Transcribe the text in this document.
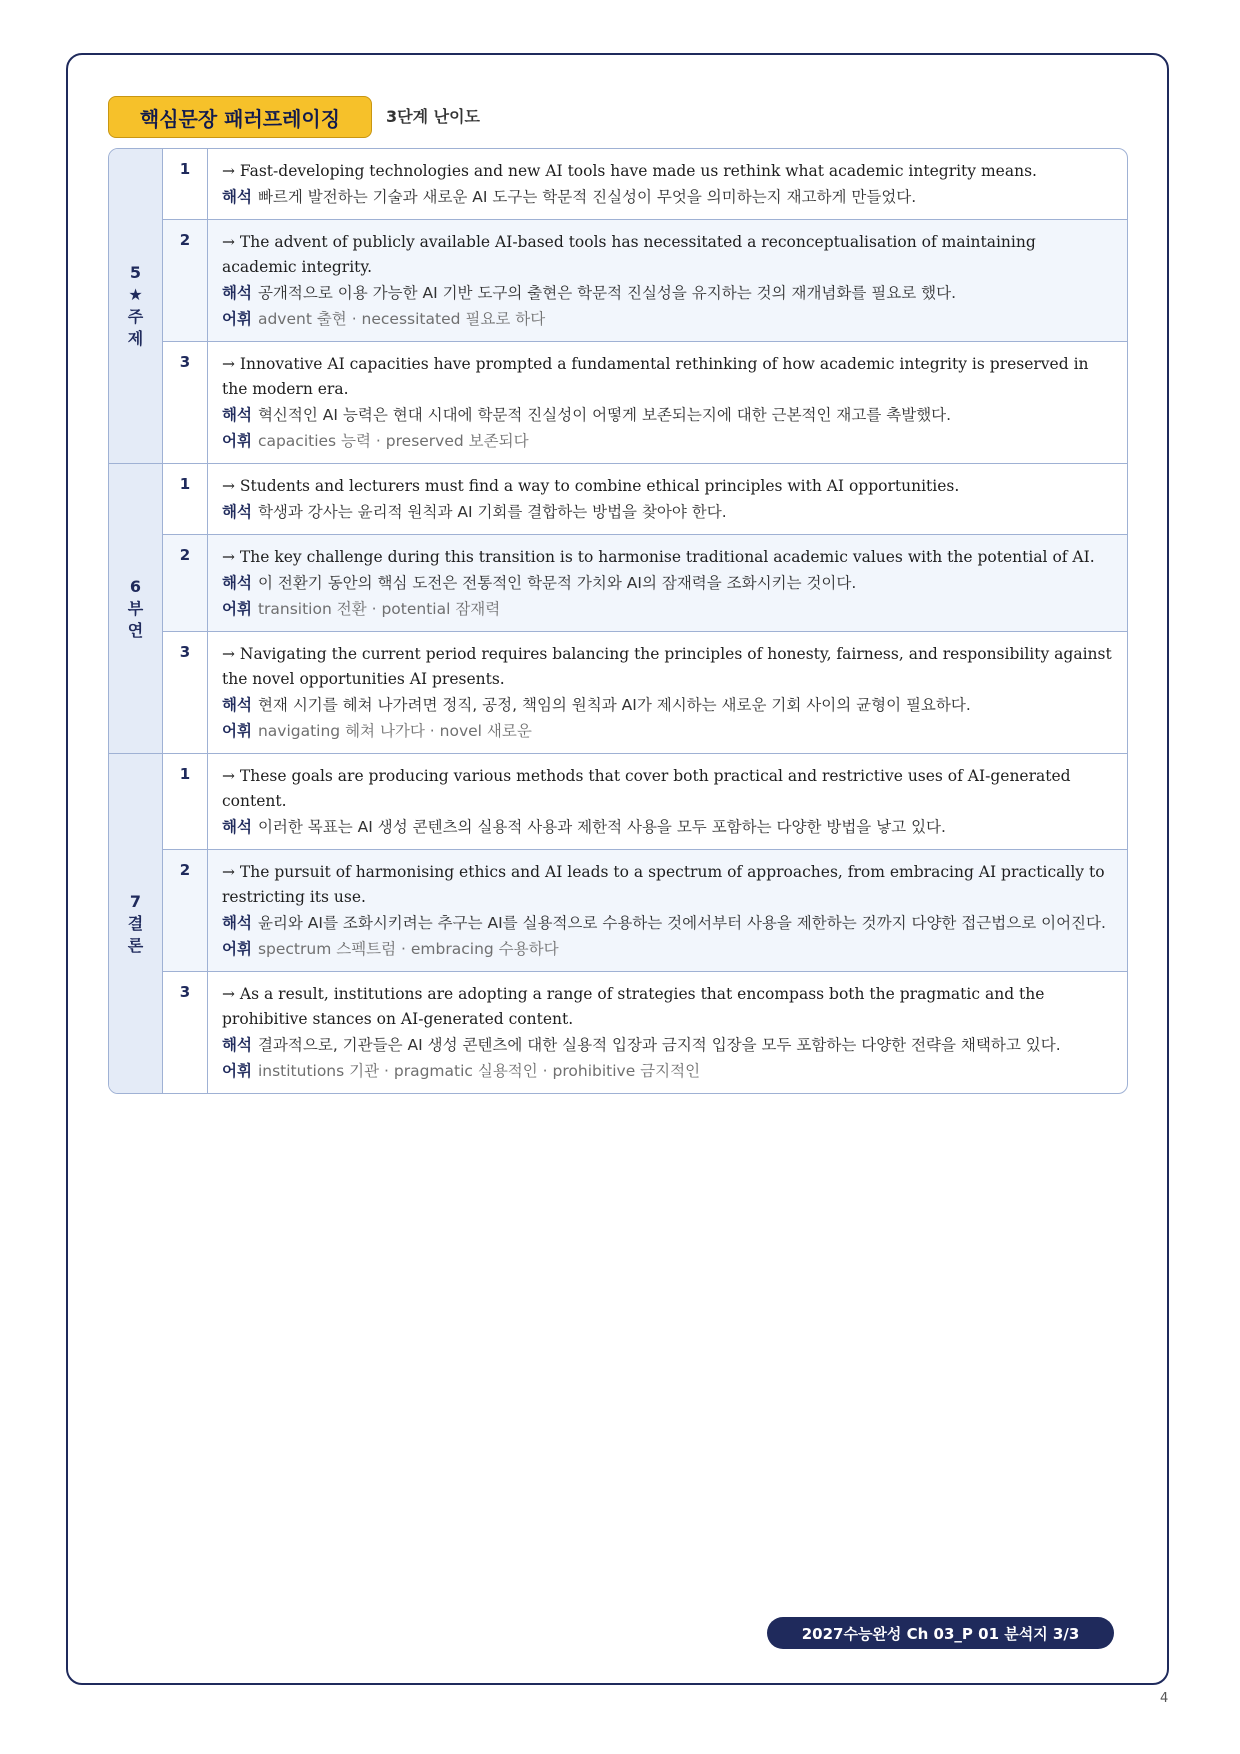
핵심문장 패러프레이징	3단계 난이도
5
★
주
제
1	→ Fast-developing technologies and new AI tools have made us rethink what academic integrity means.
해석 빠르게 발전하는 기술과 새로운 AI 도구는 학문적 진실성이 무엇을 의미하는지 재고하게 만들었다.
2	→ The advent of publicly available AI-based tools has necessitated a reconceptualisation of maintaining academic integrity.
해석 공개적으로 이용 가능한 AI 기반 도구의 출현은 학문적 진실성을 유지하는 것의 재개념화를 필요로 했다.
어휘 advent 출현 · necessitated 필요로 하다
3	→ Innovative AI capacities have prompted a fundamental rethinking of how academic integrity is preserved in the modern era.
해석 혁신적인 AI 능력은 현대 시대에 학문적 진실성이 어떻게 보존되는지에 대한 근본적인 재고를 촉발했다.
어휘 capacities 능력 · preserved 보존되다
6
부
연
1	→ Students and lecturers must find a way to combine ethical principles with AI opportunities.
해석 학생과 강사는 윤리적 원칙과 AI 기회를 결합하는 방법을 찾아야 한다.
2	→ The key challenge during this transition is to harmonise traditional academic values with the potential of AI.
해석 이 전환기 동안의 핵심 도전은 전통적인 학문적 가치와 AI의 잠재력을 조화시키는 것이다.
어휘 transition 전환 · potential 잠재력
3	→ Navigating the current period requires balancing the principles of honesty, fairness, and responsibility against the novel opportunities AI presents.
해석 현재 시기를 헤쳐 나가려면 정직, 공정, 책임의 원칙과 AI가 제시하는 새로운 기회 사이의 균형이 필요하다.
어휘 navigating 헤쳐 나가다 · novel 새로운
7
결
론
1	→ These goals are producing various methods that cover both practical and restrictive uses of AI-generated content.
해석 이러한 목표는 AI 생성 콘텐츠의 실용적 사용과 제한적 사용을 모두 포함하는 다양한 방법을 낳고 있다.
2	→ The pursuit of harmonising ethics and AI leads to a spectrum of approaches, from embracing AI practically to restricting its use.
해석 윤리와 AI를 조화시키려는 추구는 AI를 실용적으로 수용하는 것에서부터 사용을 제한하는 것까지 다양한 접근법으로 이어진다.
어휘 spectrum 스펙트럼 · embracing 수용하다
3	→ As a result, institutions are adopting a range of strategies that encompass both the pragmatic and the prohibitive stances on AI-generated content.
해석 결과적으로, 기관들은 AI 생성 콘텐츠에 대한 실용적 입장과 금지적 입장을 모두 포함하는 다양한 전략을 채택하고 있다.
어휘 institutions 기관 · pragmatic 실용적인 · prohibitive 금지적인
2027수능완성 Ch 03_P 01 분석지 3/3
4
